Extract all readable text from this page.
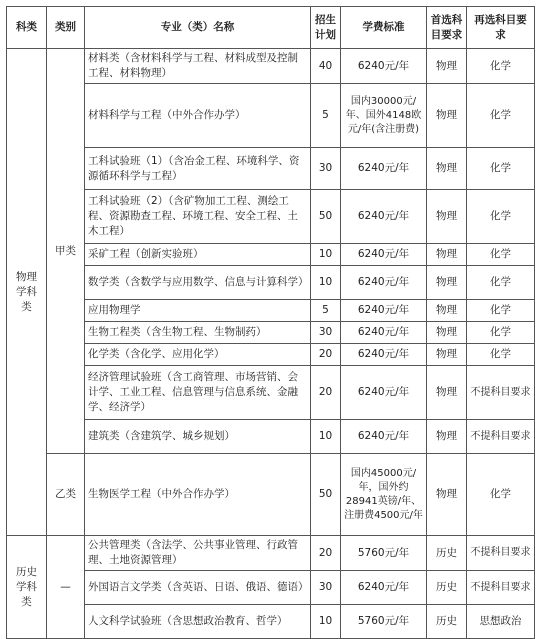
科类	类别	专业（类）名称	招生计划	学费标准	首选科目要求	再选科目要求
物理学科类	甲类	材料类（含材料科学与工程、材料成型及控制工程、材料物理）	40	6240元/年	物理	化学
		材料科学与工程（中外合作办学）	5	国内30000元/年、国外4148欧元/年(含注册费)	物理	化学
		工科试验班（1）（含冶金工程、环境科学、资源循环科学与工程）	30	6240元/年	物理	化学
		工科试验班（2）（含矿物加工工程、测绘工程、资源勘查工程、环境工程、安全工程、土木工程）	50	6240元/年	物理	化学
		采矿工程（创新实验班）	10	6240元/年	物理	化学
		数学类（含数学与应用数学、信息与计算科学）	10	6240元/年	物理	化学
		应用物理学	5	6240元/年	物理	化学
		生物工程类（含生物工程、生物制药）	30	6240元/年	物理	化学
		化学类（含化学、应用化学）	20	6240元/年	物理	化学
		经济管理试验班（含工商管理、市场营销、会计学、工业工程、信息管理与信息系统、金融学、经济学）	20	6240元/年	物理	不提科目要求
		建筑类（含建筑学、城乡规划）	10	6240元/年	物理	不提科目要求
	乙类	生物医学工程（中外合作办学）	50	国内45000元/年，国外约28941英镑/年、注册费4500元/年	物理	化学
历史学科类	—	公共管理类（含法学、公共事业管理、行政管理、土地资源管理）	20	5760元/年	历史	不提科目要求
		外国语言文学类（含英语、日语、俄语、德语）	30	6240元/年	历史	不提科目要求
		人文科学试验班（含思想政治教育、哲学）	10	5760元/年	历史	思想政治
